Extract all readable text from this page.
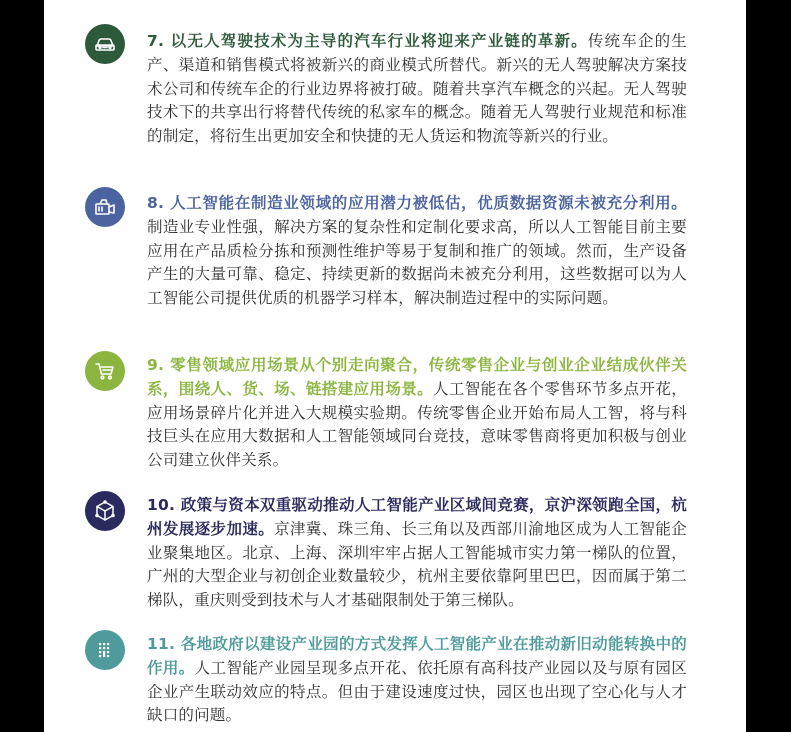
7. 以无人驾驶技术为主导的汽车行业将迎来产业链的革新。传统车企的生产、渠道和销售模式将被新兴的商业模式所替代。新兴的无人驾驶解决方案技术公司和传统车企的行业边界将被打破。随着共享汽车概念的兴起。无人驾驶技术下的共享出行将替代传统的私家车的概念。随着无人驾驶行业规范和标准的制定，将衍生出更加安全和快捷的无人货运和物流等新兴的行业。
8. 人工智能在制造业领域的应用潜力被低估，优质数据资源未被充分利用。制造业专业性强，解决方案的复杂性和定制化要求高，所以人工智能目前主要应用在产品质检分拣和预测性维护等易于复制和推广的领域。然而，生产设备产生的大量可靠、稳定、持续更新的数据尚未被充分利用，这些数据可以为人工智能公司提供优质的机器学习样本，解决制造过程中的实际问题。
9. 零售领域应用场景从个别走向聚合，传统零售企业与创业企业结成伙伴关系，围绕人、货、场、链搭建应用场景。人工智能在各个零售环节多点开花，应用场景碎片化并进入大规模实验期。传统零售企业开始布局人工智，将与科技巨头在应用大数据和人工智能领域同台竞技，意味零售商将更加积极与创业公司建立伙伴关系。
10. 政策与资本双重驱动推动人工智能产业区域间竞赛，京沪深领跑全国，杭州发展逐步加速。京津冀、珠三角、长三角以及西部川渝地区成为人工智能企业聚集地区。北京、上海、深圳牢牢占据人工智能城市实力第一梯队的位置，广州的大型企业与初创企业数量较少，杭州主要依靠阿里巴巴，因而属于第二梯队，重庆则受到技术与人才基础限制处于第三梯队。
11. 各地政府以建设产业园的方式发挥人工智能产业在推动新旧动能转换中的作用。人工智能产业园呈现多点开花、依托原有高科技产业园以及与原有园区企业产生联动效应的特点。但由于建设速度过快，园区也出现了空心化与人才缺口的问题。
